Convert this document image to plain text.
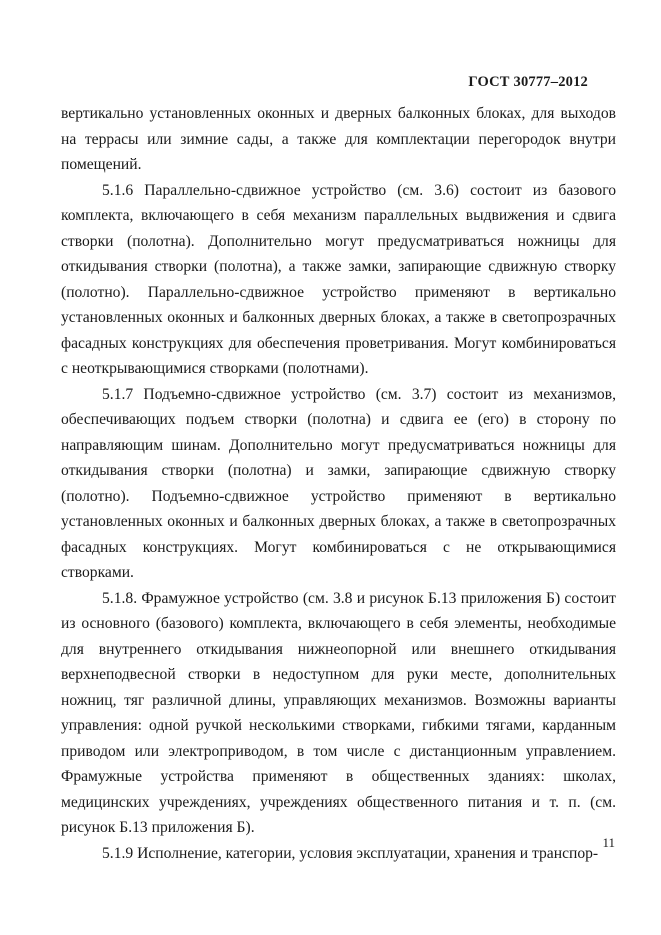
ГОСТ 30777–2012

вертикально установленных оконных и дверных балконных блоках, для выходов на террасы или зимние сады, а также для комплектации перегородок внутри помещений.

5.1.6 Параллельно-сдвижное устройство (см. 3.6) состоит из базового комплекта, включающего в себя механизм параллельных выдвижения и сдвига створки (полотна). Дополнительно могут предусматриваться ножницы для откидывания створки (полотна), а также замки, запирающие сдвижную створку (полотно). Параллельно-сдвижное устройство применяют в вертикально установленных оконных и балконных дверных блоках, а также в светопрозрачных фасадных конструкциях для обеспечения проветривания. Могут комбинироваться с неоткрывающимися створками (полотнами).

5.1.7 Подъемно-сдвижное устройство (см. 3.7) состоит из механизмов, обеспечивающих подъем створки (полотна) и сдвига ее (его) в сторону по направляющим шинам. Дополнительно могут предусматриваться ножницы для откидывания створки (полотна) и замки, запирающие сдвижную створку (полотно). Подъемно-сдвижное устройство применяют в вертикально установленных оконных и балконных дверных блоках, а также в светопрозрачных фасадных конструкциях. Могут комбинироваться с не открывающимися створками.

5.1.8. Фрамужное устройство (см. 3.8 и рисунок Б.13 приложения Б) состоит из основного (базового) комплекта, включающего в себя элементы, необходимые для внутреннего откидывания нижнеопорной или внешнего откидывания верхнеподвесной створки в недоступном для руки месте, дополнительных ножниц, тяг различной длины, управляющих механизмов. Возможны варианты управления: одной ручкой несколькими створками, гибкими тягами, карданным приводом или электроприводом, в том числе с дистанционным управлением. Фрамужные устройства применяют в общественных зданиях: школах, медицинских учреждениях, учреждениях общественного питания и т. п. (см. рисунок Б.13 приложения Б).

5.1.9 Исполнение, категории, условия эксплуатации, хранения и транспор-

11
